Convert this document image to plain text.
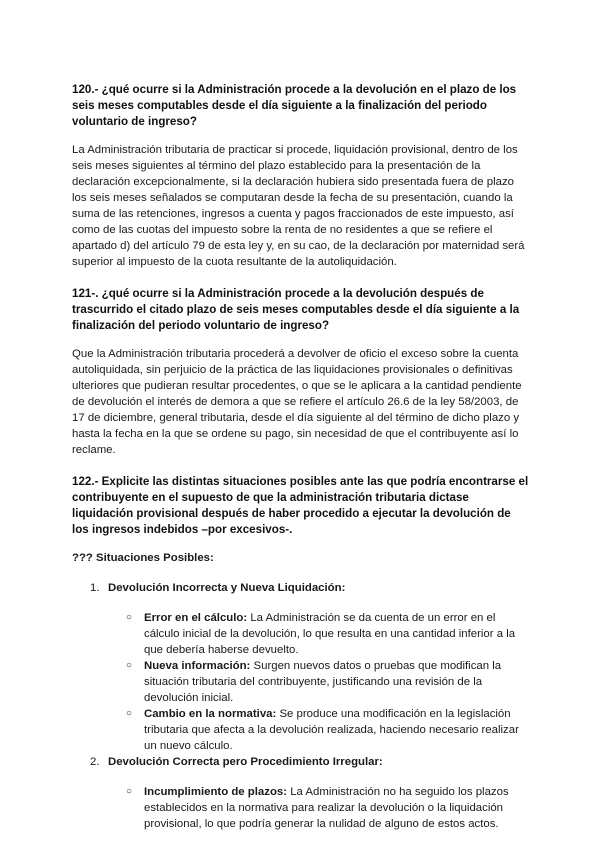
120.- ¿qué ocurre si la Administración procede a la devolución en el plazo de los seis meses computables desde el día siguiente a la finalización del periodo voluntario de ingreso?

La Administración tributaria de practicar si procede, liquidación provisional, dentro de los seis meses siguientes al término del plazo establecido para la presentación de la declaración excepcionalmente, si la declaración hubiera sido presentada fuera de plazo los seis meses señalados se computaran desde la fecha de su presentación, cuando la suma de las retenciones, ingresos a cuenta y pagos fraccionados de este impuesto, así como de las cuotas del impuesto sobre la renta de no residentes a que se refiere el apartado d) del artículo 79 de esta ley y, en su cao, de la declaración por maternidad será superior al impuesto de la cuota resultante de la autoliquidación.

121-. ¿qué ocurre si la Administración procede a la devolución después de trascurrido el citado plazo de seis meses computables desde el día siguiente a la finalización del periodo voluntario de ingreso?

Que la Administración tributaria procederá a devolver de oficio el exceso sobre la cuenta autoliquidada, sin perjuicio de la práctica de las liquidaciones provisionales o definitivas ulteriores que pudieran resultar procedentes, o que se le aplicara a la cantidad pendiente de devolución el interés de demora a que se refiere el artículo 26.6 de la ley 58/2003, de 17 de diciembre, general tributaria, desde el día siguiente al del término de dicho plazo y hasta la fecha en la que se ordene su pago, sin necesidad de que el contribuyente así lo reclame.

122.- Explicite las distintas situaciones posibles ante las que podría encontrarse el contribuyente en el supuesto de que la administración tributaria dictase liquidación provisional después de haber procedido a ejecutar la devolución de los ingresos indebidos –por excesivos-.

??? Situaciones Posibles:

1. Devolución Incorrecta y Nueva Liquidación:
○ Error en el cálculo: La Administración se da cuenta de un error en el cálculo inicial de la devolución, lo que resulta en una cantidad inferior a la que debería haberse devuelto.
○ Nueva información: Surgen nuevos datos o pruebas que modifican la situación tributaria del contribuyente, justificando una revisión de la devolución inicial.
○ Cambio en la normativa: Se produce una modificación en la legislación tributaria que afecta a la devolución realizada, haciendo necesario realizar un nuevo cálculo.
2. Devolución Correcta pero Procedimiento Irregular:
○ Incumplimiento de plazos: La Administración no ha seguido los plazos establecidos en la normativa para realizar la devolución o la liquidación provisional, lo que podría generar la nulidad de alguno de estos actos.
